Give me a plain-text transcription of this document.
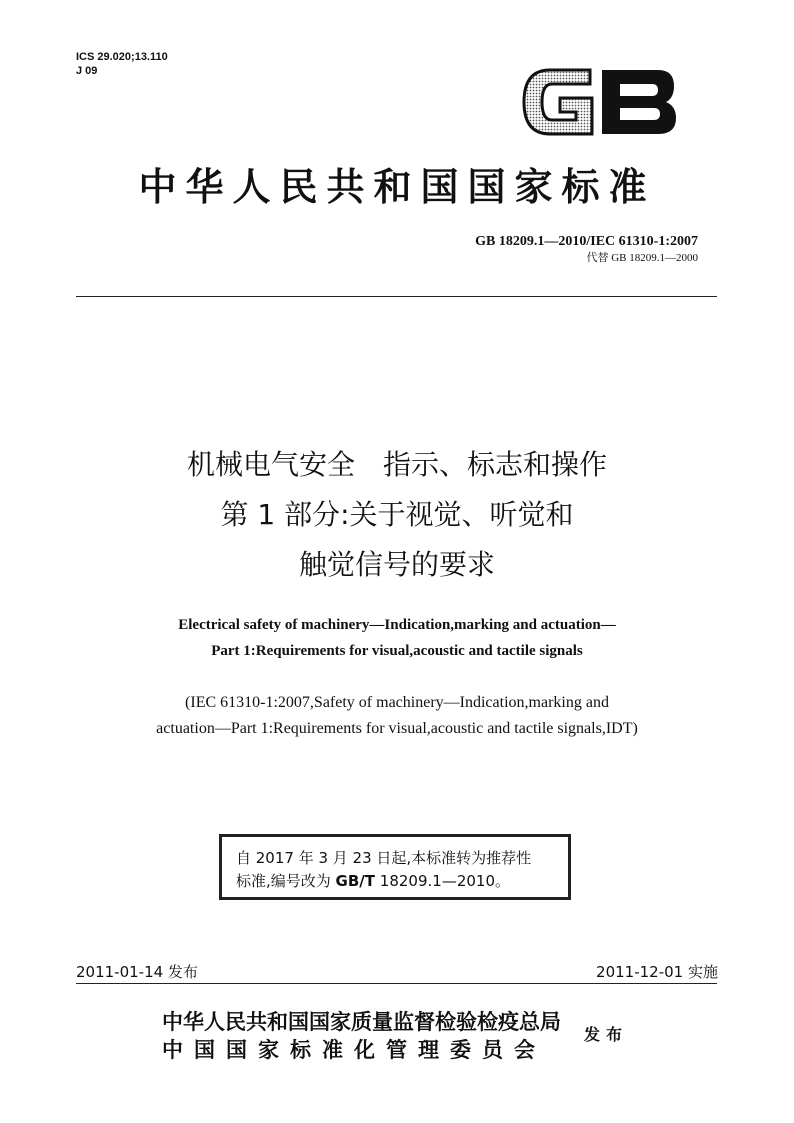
ICS 29.020;13.110
J 09
中华人民共和国国家标准
GB 18209.1—2010/IEC 61310-1:2007
代替 GB 18209.1—2000
机械电气安全　指示、标志和操作
第 1 部分:关于视觉、听觉和
触觉信号的要求
Electrical safety of machinery—Indication,marking and actuation—
Part 1:Requirements for visual,acoustic and tactile signals
(IEC 61310-1:2007,Safety of machinery—Indication,marking and
actuation—Part 1:Requirements for visual,acoustic and tactile signals,IDT)
自 2017 年 3 月 23 日起,本标准转为推荐性
标准,编号改为 GB/T 18209.1—2010。
2011-01-14 发布	2011-12-01 实施
中华人民共和国国家质量监督检验检疫总局
中国国家标准化管理委员会
发布
